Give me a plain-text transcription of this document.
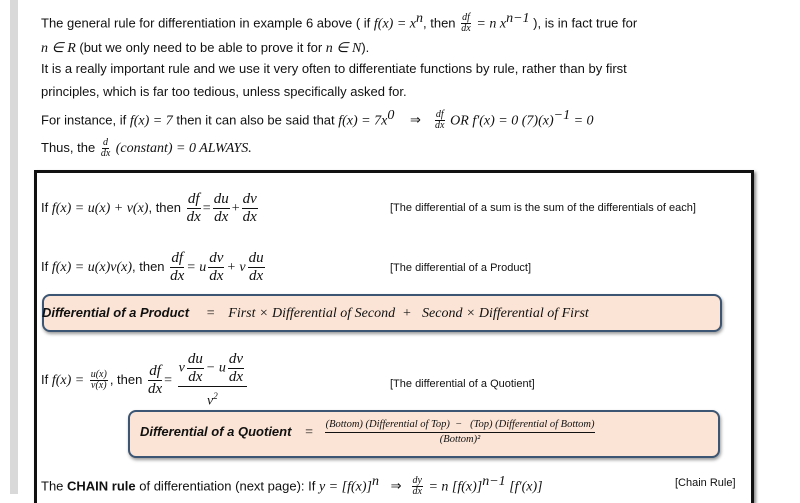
The general rule for differentiation in example 6 above ( if $f(x) = x^n$, then $\frac{df}{dx} = n$ $x^{n-1}$ ), is in fact true for
n ∈ R (but we only need to be able to prove it for n ∈ N).
It is a really important rule and we use it very often to differentiate functions by rule, rather than by first
principles, which is far too tedious, unless specifically asked for.
For instance, if f(x) = 7 then it can also be said that $f(x) = 7x^0$ ⇒ $\frac{df}{dx}$ OR f′(x) = 0 $(7)(x)^{-1} = 0$
Thus, the $\frac{d}{dx}$ (constant) = 0 ALWAYS.
If f(x) = u(x) + v(x), then $\frac{df}{dx} = \frac{du}{dx} + \frac{dv}{dx}$	[The differential of a sum is the sum of the differentials of each]
If f(x) = u(x)v(x), then $\frac{df}{dx} = u \frac{dv}{dx} + v \frac{du}{dx}$	[The differential of a Product]
Differential of a Product = First × Differential of Second  +   Second × Differential of First
If $f(x) = \frac{u(x)}{v(x)}$ , then $\frac{df}{dx} = \frac{v \frac{du}{dx} - u \frac{dv}{dx}}{v^2}$	[The differential of a Quotient]
Differential of a Quotient =
(Bottom) (Differential of Top)  −   (Top) (Differential of Bottom)
(Bottom)²
The CHAIN rule of differentiation (next page): If $y = [f(x)]^n$ ⇒ $\frac{dy}{dx} = n$ $[f(x)]^{n-1}$ [f′(x)]	[Chain Rule]
